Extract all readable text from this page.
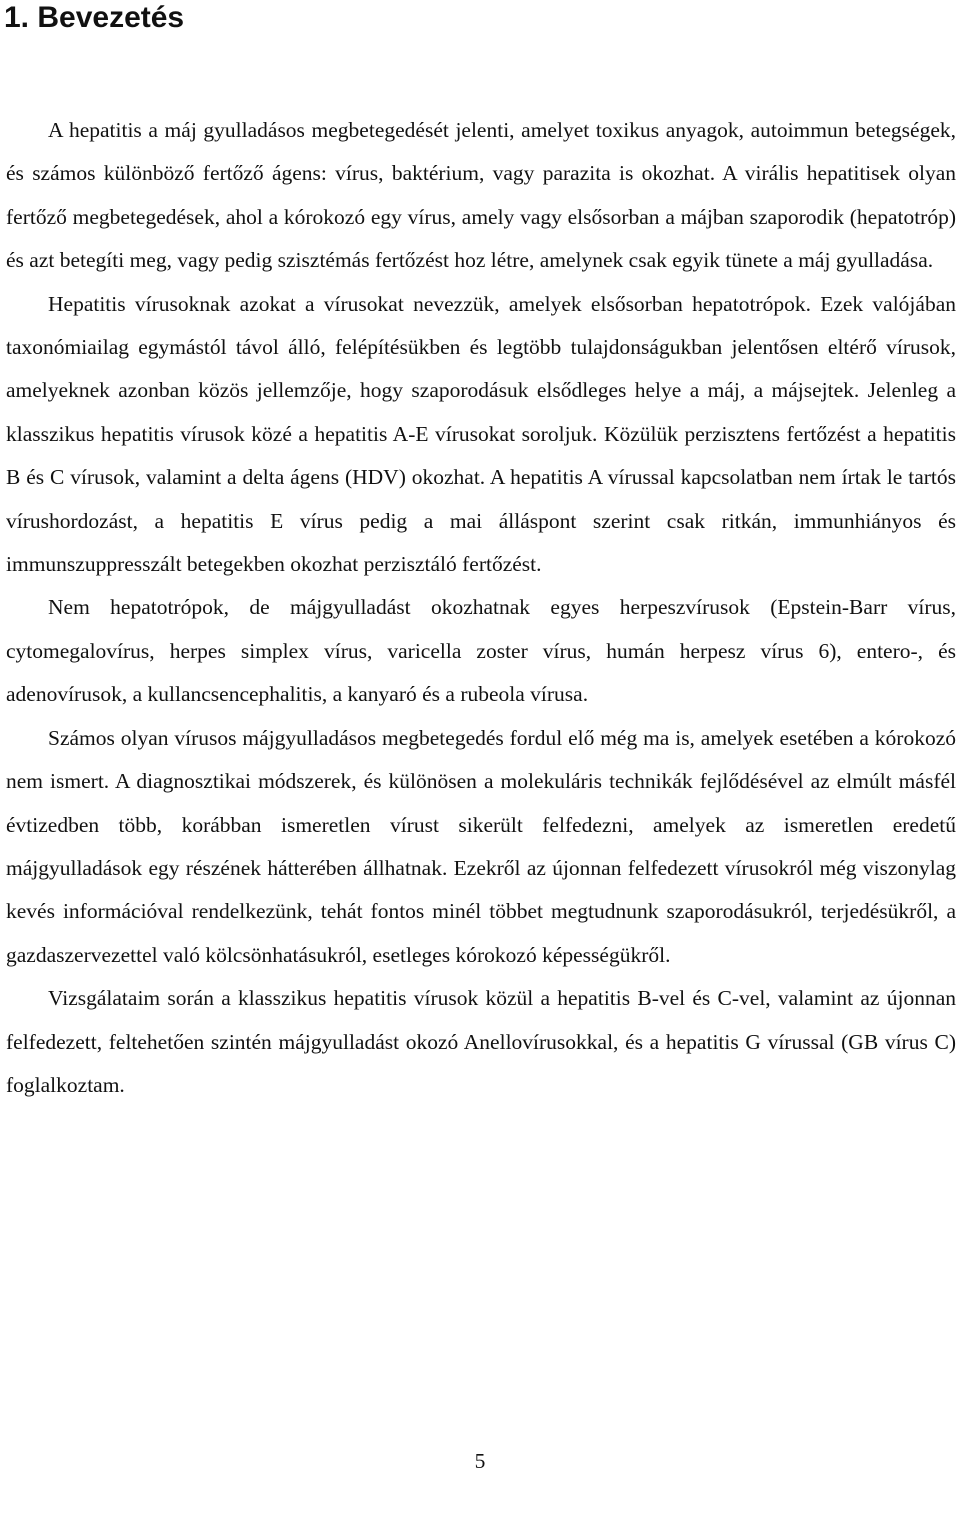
1. Bevezetés

A hepatitis a máj gyulladásos megbetegedését jelenti, amelyet toxikus anyagok, autoimmun betegségek, és számos különböző fertőző ágens: vírus, baktérium, vagy parazita is okozhat. A virális hepatitisek olyan fertőző megbetegedések, ahol a kórokozó egy vírus, amely vagy elsősorban a májban szaporodik (hepatotróp) és azt betegíti meg, vagy pedig szisztémás fertőzést hoz létre, amelynek csak egyik tünete a máj gyulladása.

Hepatitis vírusoknak azokat a vírusokat nevezzük, amelyek elsősorban hepatotrópok. Ezek valójában taxonómiailag egymástól távol álló, felépítésükben és legtöbb tulajdonságukban jelentősen eltérő vírusok, amelyeknek azonban közös jellemzője, hogy szaporodásuk elsődleges helye a máj, a májsejtek. Jelenleg a klasszikus hepatitis vírusok közé a hepatitis A-E vírusokat soroljuk. Közülük perzisztens fertőzést a hepatitis B és C vírusok, valamint a delta ágens (HDV) okozhat. A hepatitis A vírussal kapcsolatban nem írtak le tartós vírushordozást, a hepatitis E vírus pedig a mai álláspont szerint csak ritkán, immunhiányos és immunszuppresszált betegekben okozhat perzisztáló fertőzést.

Nem hepatotrópok, de májgyulladást okozhatnak egyes herpeszvírusok (Epstein-Barr vírus, cytomegalovírus, herpes simplex vírus, varicella zoster vírus, humán herpesz vírus 6), entero-, és adenovírusok, a kullancsencephalitis, a kanyaró és a rubeola vírusa.

Számos olyan vírusos májgyulladásos megbetegedés fordul elő még ma is, amelyek esetében a kórokozó nem ismert. A diagnosztikai módszerek, és különösen a molekuláris technikák fejlődésével az elmúlt másfél évtizedben több, korábban ismeretlen vírust sikerült felfedezni, amelyek az ismeretlen eredetű májgyulladások egy részének hátterében állhatnak. Ezekről az újonnan felfedezett vírusokról még viszonylag kevés információval rendelkezünk, tehát fontos minél többet megtudnunk szaporodásukról, terjedésükről, a gazdaszervezettel való kölcsönhatásukról, esetleges kórokozó képességükről.

Vizsgálataim során a klasszikus hepatitis vírusok közül a hepatitis B-vel és C-vel, valamint az újonnan felfedezett, feltehetően szintén májgyulladást okozó Anellovírusokkal, és a hepatitis G vírussal (GB vírus C) foglalkoztam.

5
